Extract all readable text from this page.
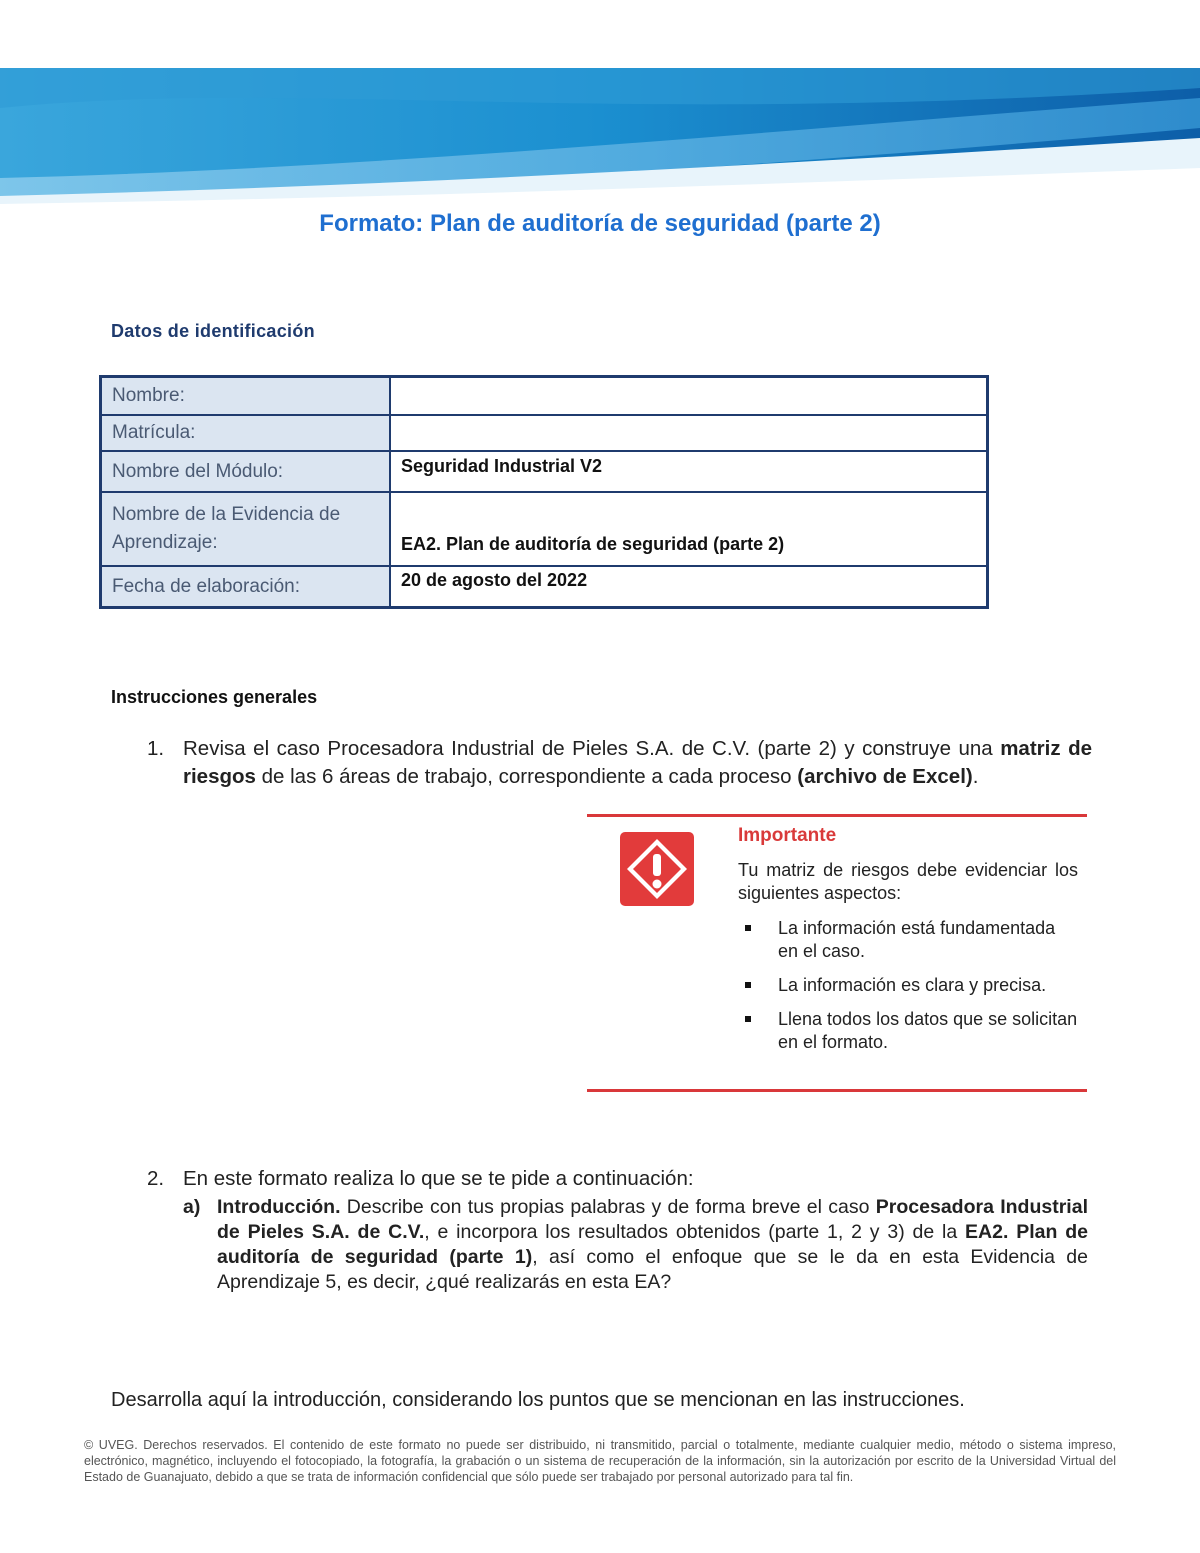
Formato: Plan de auditoría de seguridad (parte 2)
Datos de identificación
Nombre:	
Matrícula:	
Nombre del Módulo:	Seguridad Industrial V2

Nombre de la Evidencia de
Aprendizaje:	EA2. Plan de auditoría de seguridad (parte 2)
Fecha de elaboración:	20 de agosto del 2022
Instrucciones generales
1. Revisa el caso Procesadora Industrial de Pieles S.A. de C.V. (parte 2) y construye una matriz de riesgos de las 6 áreas de trabajo, correspondiente a cada proceso (archivo de Excel).
Importante
Tu matriz de riesgos debe evidenciar los siguientes aspectos:
La información está fundamentada en el caso.
La información es clara y precisa.
Llena todos los datos que se solicitan en el formato.
2. En este formato realiza lo que se te pide a continuación:
a) Introducción. Describe con tus propias palabras y de forma breve el caso Procesadora Industrial de Pieles S.A. de C.V., e incorpora los resultados obtenidos (parte 1, 2 y 3) de la EA2. Plan de auditoría de seguridad (parte 1), así como el enfoque que se le da en esta Evidencia de Aprendizaje 5, es decir, ¿qué realizarás en esta EA?
Desarrolla aquí la introducción, considerando los puntos que se mencionan en las instrucciones.
© UVEG. Derechos reservados. El contenido de este formato no puede ser distribuido, ni transmitido, parcial o totalmente, mediante cualquier medio, método o sistema impreso, electrónico, magnético, incluyendo el fotocopiado, la fotografía, la grabación o un sistema de recuperación de la información, sin la autorización por escrito de la Universidad Virtual del Estado de Guanajuato, debido a que se trata de información confidencial que sólo puede ser trabajado por personal autorizado para tal fin.
